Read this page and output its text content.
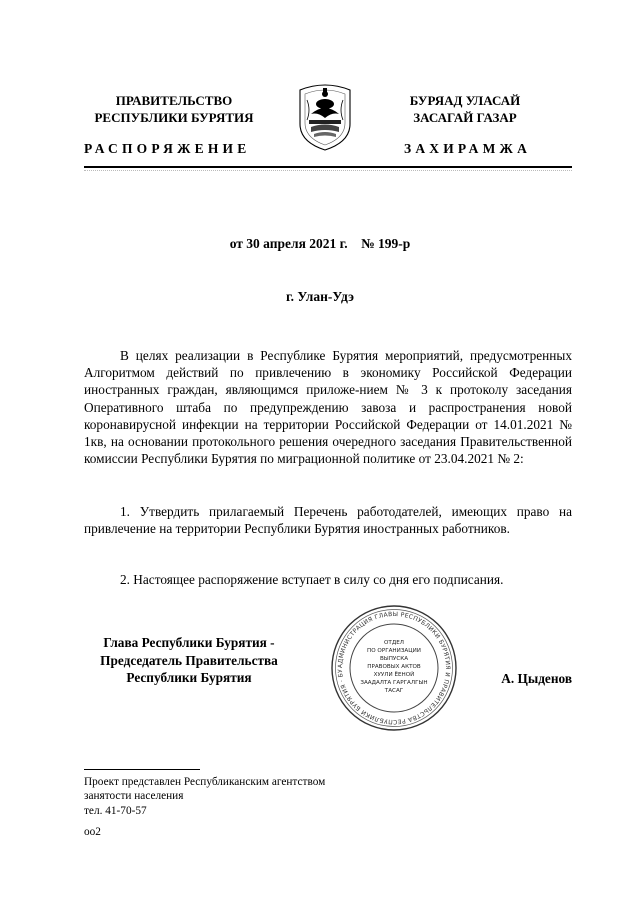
ПРАВИТЕЛЬСТВО
РЕСПУБЛИКИ БУРЯТИЯ
БУРЯАД УЛАСАЙ
ЗАСАГАЙ ГАЗАР
РАСПОРЯЖЕНИЕ	ЗАХИРАМЖА
от 30 апреля 2021 г.    № 199-р
г. Улан-Удэ
В целях реализации в Республике Бурятия мероприятий, предусмотренных Алгоритмом действий по привлечению в экономику Российской Федерации иностранных граждан, являющимся приложе-нием № 3 к протоколу заседания Оперативного штаба по предупреждению завоза и распространения новой коронавирусной инфекции на территории Российской Федерации от 14.01.2021 № 1кв, на основании протокольного решения очередного заседания Правительственной комиссии Республики Бурятия по миграционной политике от 23.04.2021 № 2:
1. Утвердить прилагаемый Перечень работодателей, имеющих право на привлечение на территории Республики Бурятия иностранных работников.
2. Настоящее распоряжение вступает в силу со дня его подписания.
Глава Республики Бурятия -
Председатель Правительства
Республики Бурятия
АДМИНИСТРАЦИЯ ГЛАВЫ РЕСПУБЛИКИ БУРЯТИЯ И ПРАВИТЕЛЬСТВА РЕСПУБЛИКИ БУРЯТИЯ · БУ
ОТДЕЛ
ПО ОРГАНИЗАЦИИ
ВЫПУСКА
ПРАВОВЫХ АКТОВ
ХУУЛИ ЁЕНОЙ
ЗААДАЛТА ГАРГАЛГЫН
ТАСАГ
А. Цыденов
Проект представлен Республиканским агентством
занятости населения
тел. 41-70-57
оо2
